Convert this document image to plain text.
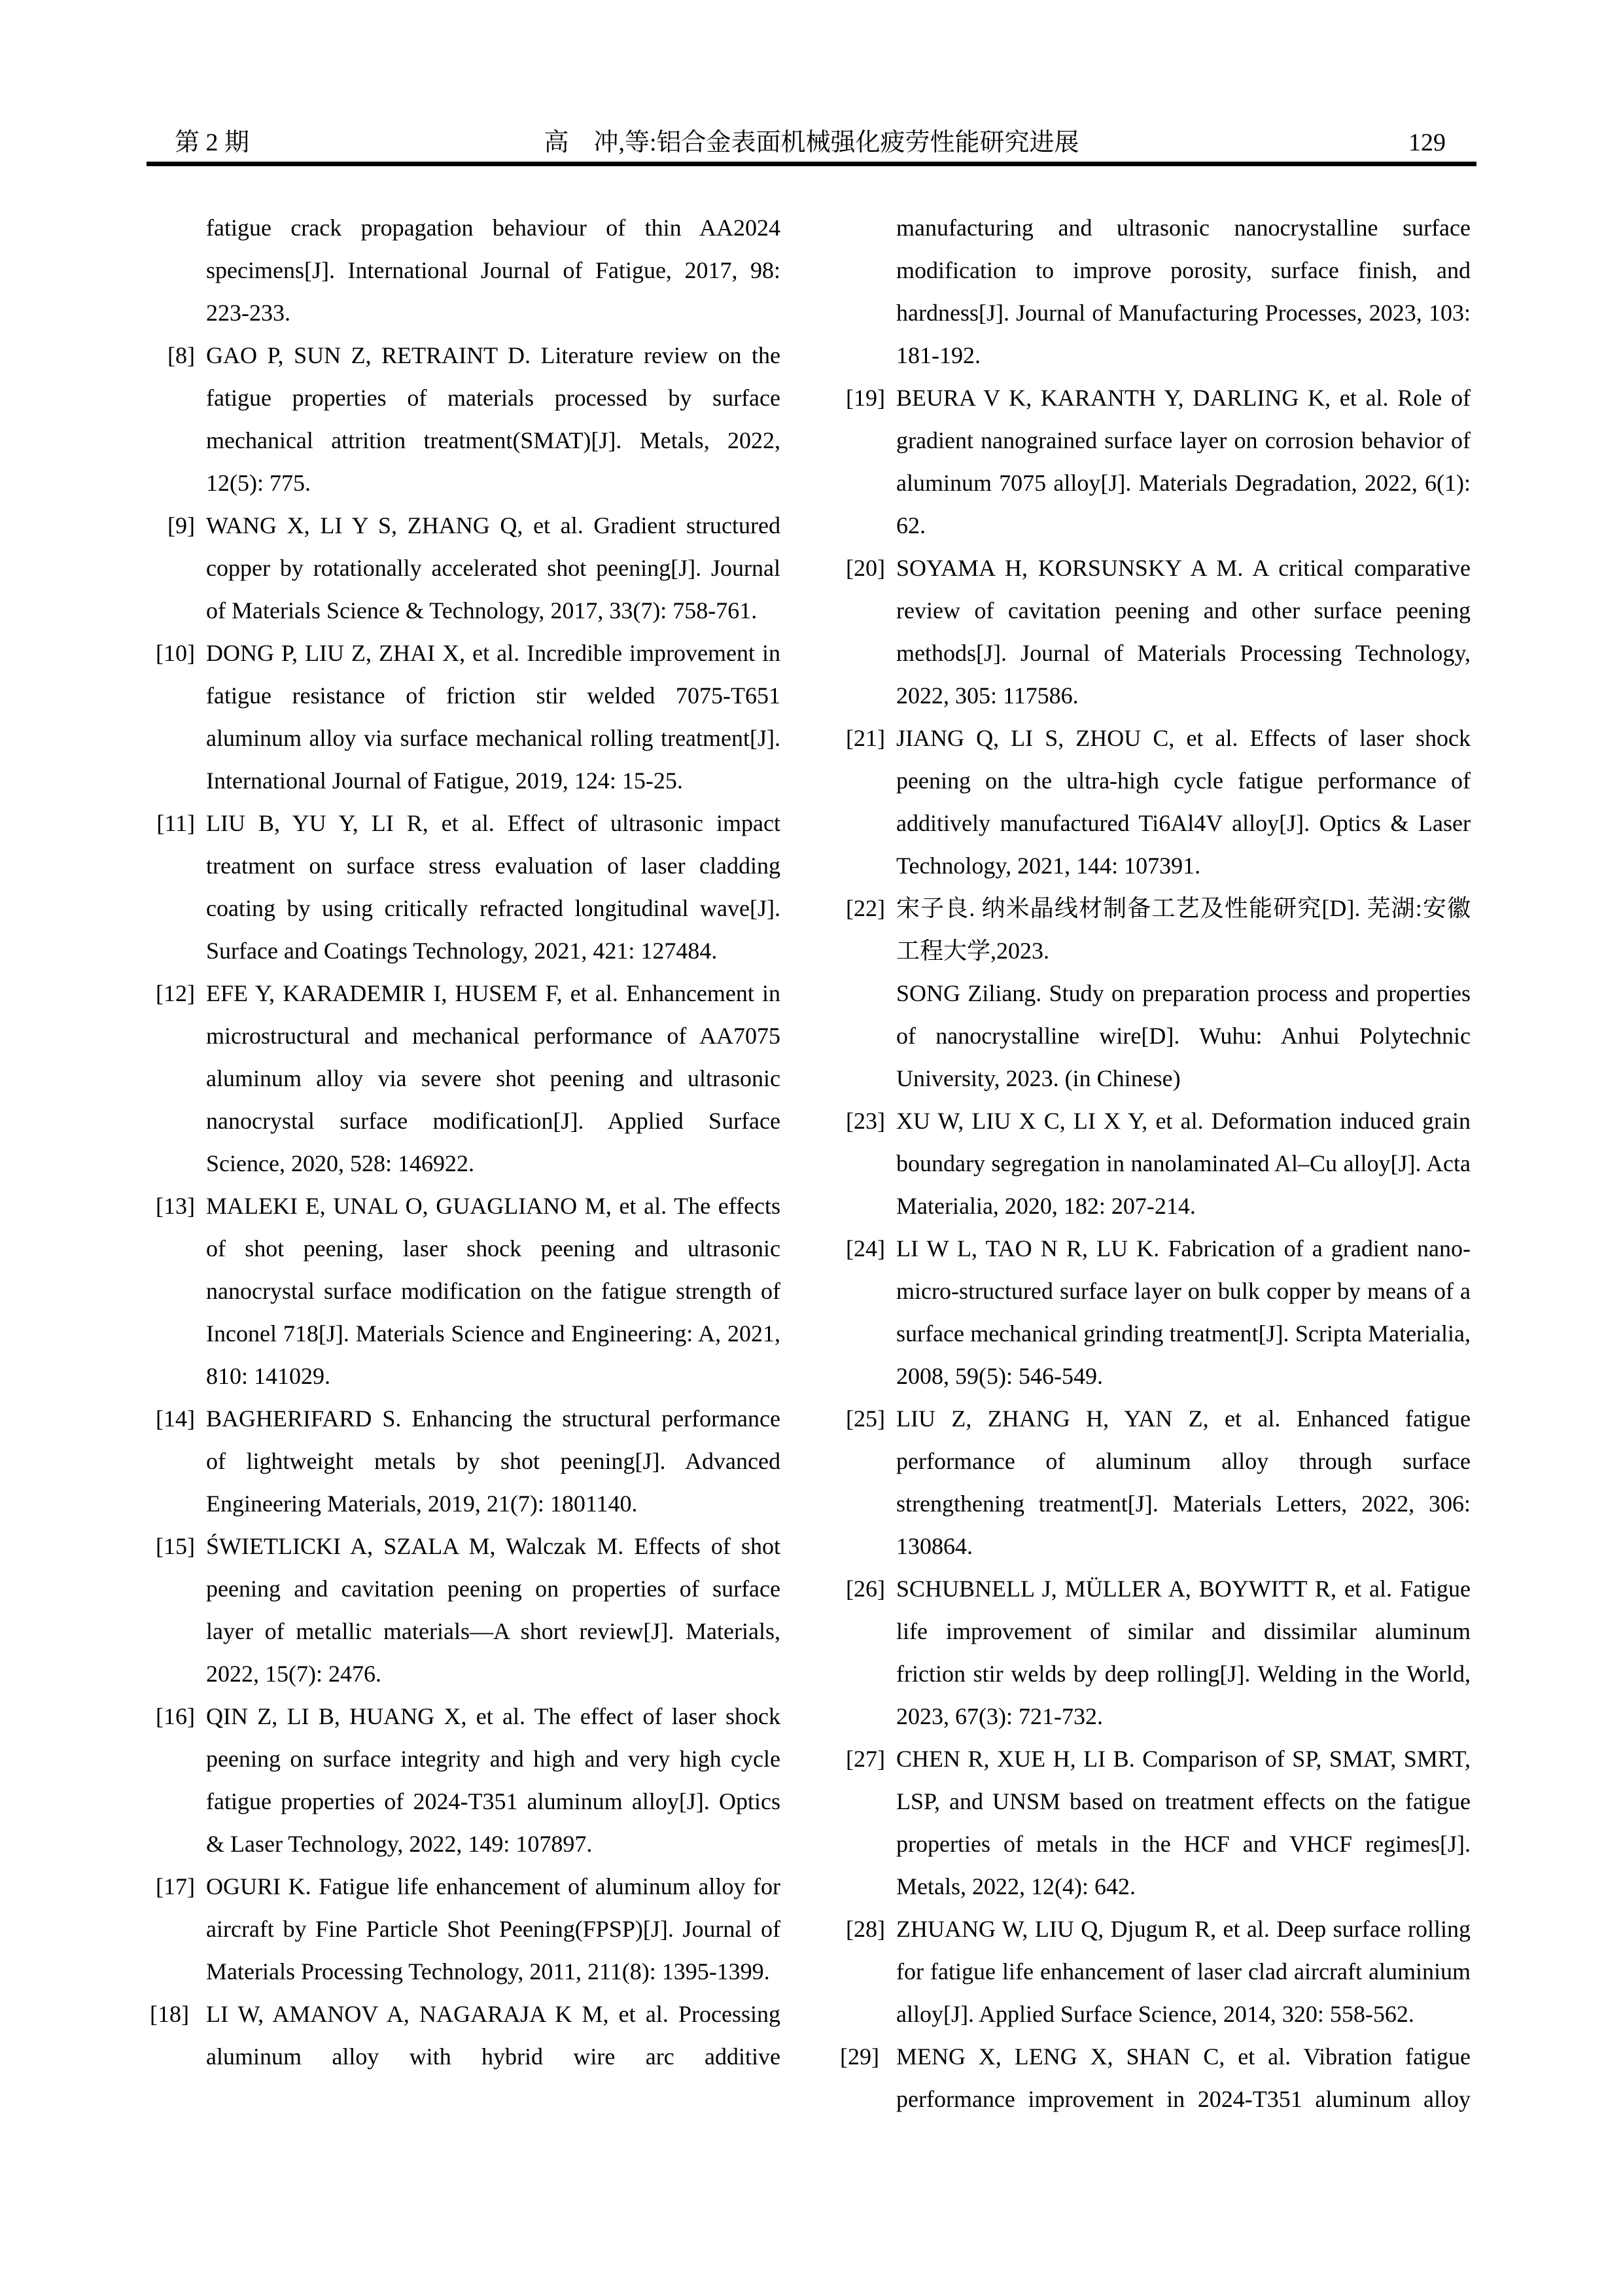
第 2 期	高　冲,等:铝合金表面机械强化疲劳性能研究进展	129
fatigue crack propagation behaviour of thin AA2024 specimens[J]. International Journal of Fatigue, 2017, 98: 223-233.
[8] GAO P, SUN Z, RETRAINT D. Literature review on the fatigue properties of materials processed by surface mechanical attrition treatment(SMAT)[J]. Metals, 2022, 12(5): 775.
[9] WANG X, LI Y S, ZHANG Q, et al. Gradient structured copper by rotationally accelerated shot peening[J]. Journal of Materials Science & Technology, 2017, 33(7): 758-761.
[10] DONG P, LIU Z, ZHAI X, et al. Incredible improvement in fatigue resistance of friction stir welded 7075-T651 aluminum alloy via surface mechanical rolling treatment[J]. International Journal of Fatigue, 2019, 124: 15-25.
[11] LIU B, YU Y, LI R, et al. Effect of ultrasonic impact treatment on surface stress evaluation of laser cladding coating by using critically refracted longitudinal wave[J]. Surface and Coatings Technology, 2021, 421: 127484.
[12] EFE Y, KARADEMIR I, HUSEM F, et al. Enhancement in microstructural and mechanical performance of AA7075 aluminum alloy via severe shot peening and ultrasonic nanocrystal surface modification[J]. Applied Surface Science, 2020, 528: 146922.
[13] MALEKI E, UNAL O, GUAGLIANO M, et al. The effects of shot peening, laser shock peening and ultrasonic nanocrystal surface modification on the fatigue strength of Inconel 718[J]. Materials Science and Engineering: A, 2021, 810: 141029.
[14] BAGHERIFARD S. Enhancing the structural performance of lightweight metals by shot peening[J]. Advanced Engineering Materials, 2019, 21(7): 1801140.
[15] ŚWIETLICKI A, SZALA M, Walczak M. Effects of shot peening and cavitation peening on properties of surface layer of metallic materials—A short review[J]. Materials, 2022, 15(7): 2476.
[16] QIN Z, LI B, HUANG X, et al. The effect of laser shock peening on surface integrity and high and very high cycle fatigue properties of 2024-T351 aluminum alloy[J]. Optics & Laser Technology, 2022, 149: 107897.
[17] OGURI K. Fatigue life enhancement of aluminum alloy for aircraft by Fine Particle Shot Peening(FPSP)[J]. Journal of Materials Processing Technology, 2011, 211(8): 1395-1399.
[18] LI W, AMANOV A, NAGARAJA K M, et al. Processing aluminum alloy with hybrid wire arc additive
manufacturing and ultrasonic nanocrystalline surface modification to improve porosity, surface finish, and hardness[J]. Journal of Manufacturing Processes, 2023, 103: 181-192.
[19] BEURA V K, KARANTH Y, DARLING K, et al. Role of gradient nanograined surface layer on corrosion behavior of aluminum 7075 alloy[J]. Materials Degradation, 2022, 6(1): 62.
[20] SOYAMA H, KORSUNSKY A M. A critical comparative review of cavitation peening and other surface peening methods[J]. Journal of Materials Processing Technology, 2022, 305: 117586.
[21] JIANG Q, LI S, ZHOU C, et al. Effects of laser shock peening on the ultra-high cycle fatigue performance of additively manufactured Ti6Al4V alloy[J]. Optics & Laser Technology, 2021, 144: 107391.
[22] 宋子良. 纳米晶线材制备工艺及性能研究[D]. 芜湖:安徽工程大学,2023.
SONG Ziliang. Study on preparation process and properties of nanocrystalline wire[D]. Wuhu: Anhui Polytechnic University, 2023. (in Chinese)
[23] XU W, LIU X C, LI X Y, et al. Deformation induced grain boundary segregation in nanolaminated Al–Cu alloy[J]. Acta Materialia, 2020, 182: 207-214.
[24] LI W L, TAO N R, LU K. Fabrication of a gradient nano-micro-structured surface layer on bulk copper by means of a surface mechanical grinding treatment[J]. Scripta Materialia, 2008, 59(5): 546-549.
[25] LIU Z, ZHANG H, YAN Z, et al. Enhanced fatigue performance of aluminum alloy through surface strengthening treatment[J]. Materials Letters, 2022, 306: 130864.
[26] SCHUBNELL J, MÜLLER A, BOYWITT R, et al. Fatigue life improvement of similar and dissimilar aluminum friction stir welds by deep rolling[J]. Welding in the World, 2023, 67(3): 721-732.
[27] CHEN R, XUE H, LI B. Comparison of SP, SMAT, SMRT, LSP, and UNSM based on treatment effects on the fatigue properties of metals in the HCF and VHCF regimes[J]. Metals, 2022, 12(4): 642.
[28] ZHUANG W, LIU Q, Djugum R, et al. Deep surface rolling for fatigue life enhancement of laser clad aircraft aluminium alloy[J]. Applied Surface Science, 2014, 320: 558-562.
[29] MENG X, LENG X, SHAN C, et al. Vibration fatigue performance improvement in 2024-T351 aluminum alloy
